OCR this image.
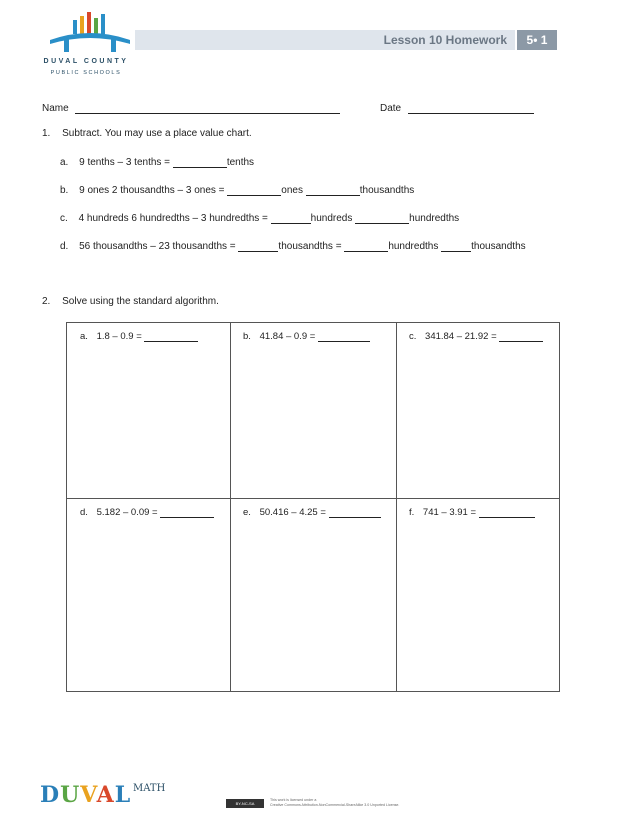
DUVAL COUNTY
PUBLIC SCHOOLS
Lesson 10 Homework	5• 1
Name	Date
1. Subtract. You may use a place value chart.
a. 9 tenths – 3 tenths =	tenths
b. 9 ones 2 thousandths – 3 ones =	ones	thousandths
c. 4 hundreds 6 hundredths – 3 hundredths =	hundreds	hundredths
d. 56 thousandths – 23 thousandths =	thousandths =	hundredths	thousandths
2. Solve using the standard algorithm.
a. 1.8 – 0.9 =	b. 41.84 – 0.9 =	c. 341.84 – 21.92 =
d. 5.182 – 0.09 =	e. 50.416 – 4.25 =	f. 741 – 3.91 =
DUVAL MATH
BY-NC-SA
This work is licensed under a
Creative Commons Attribution-NonCommercial-ShareAlike 3.0 Unported License.
